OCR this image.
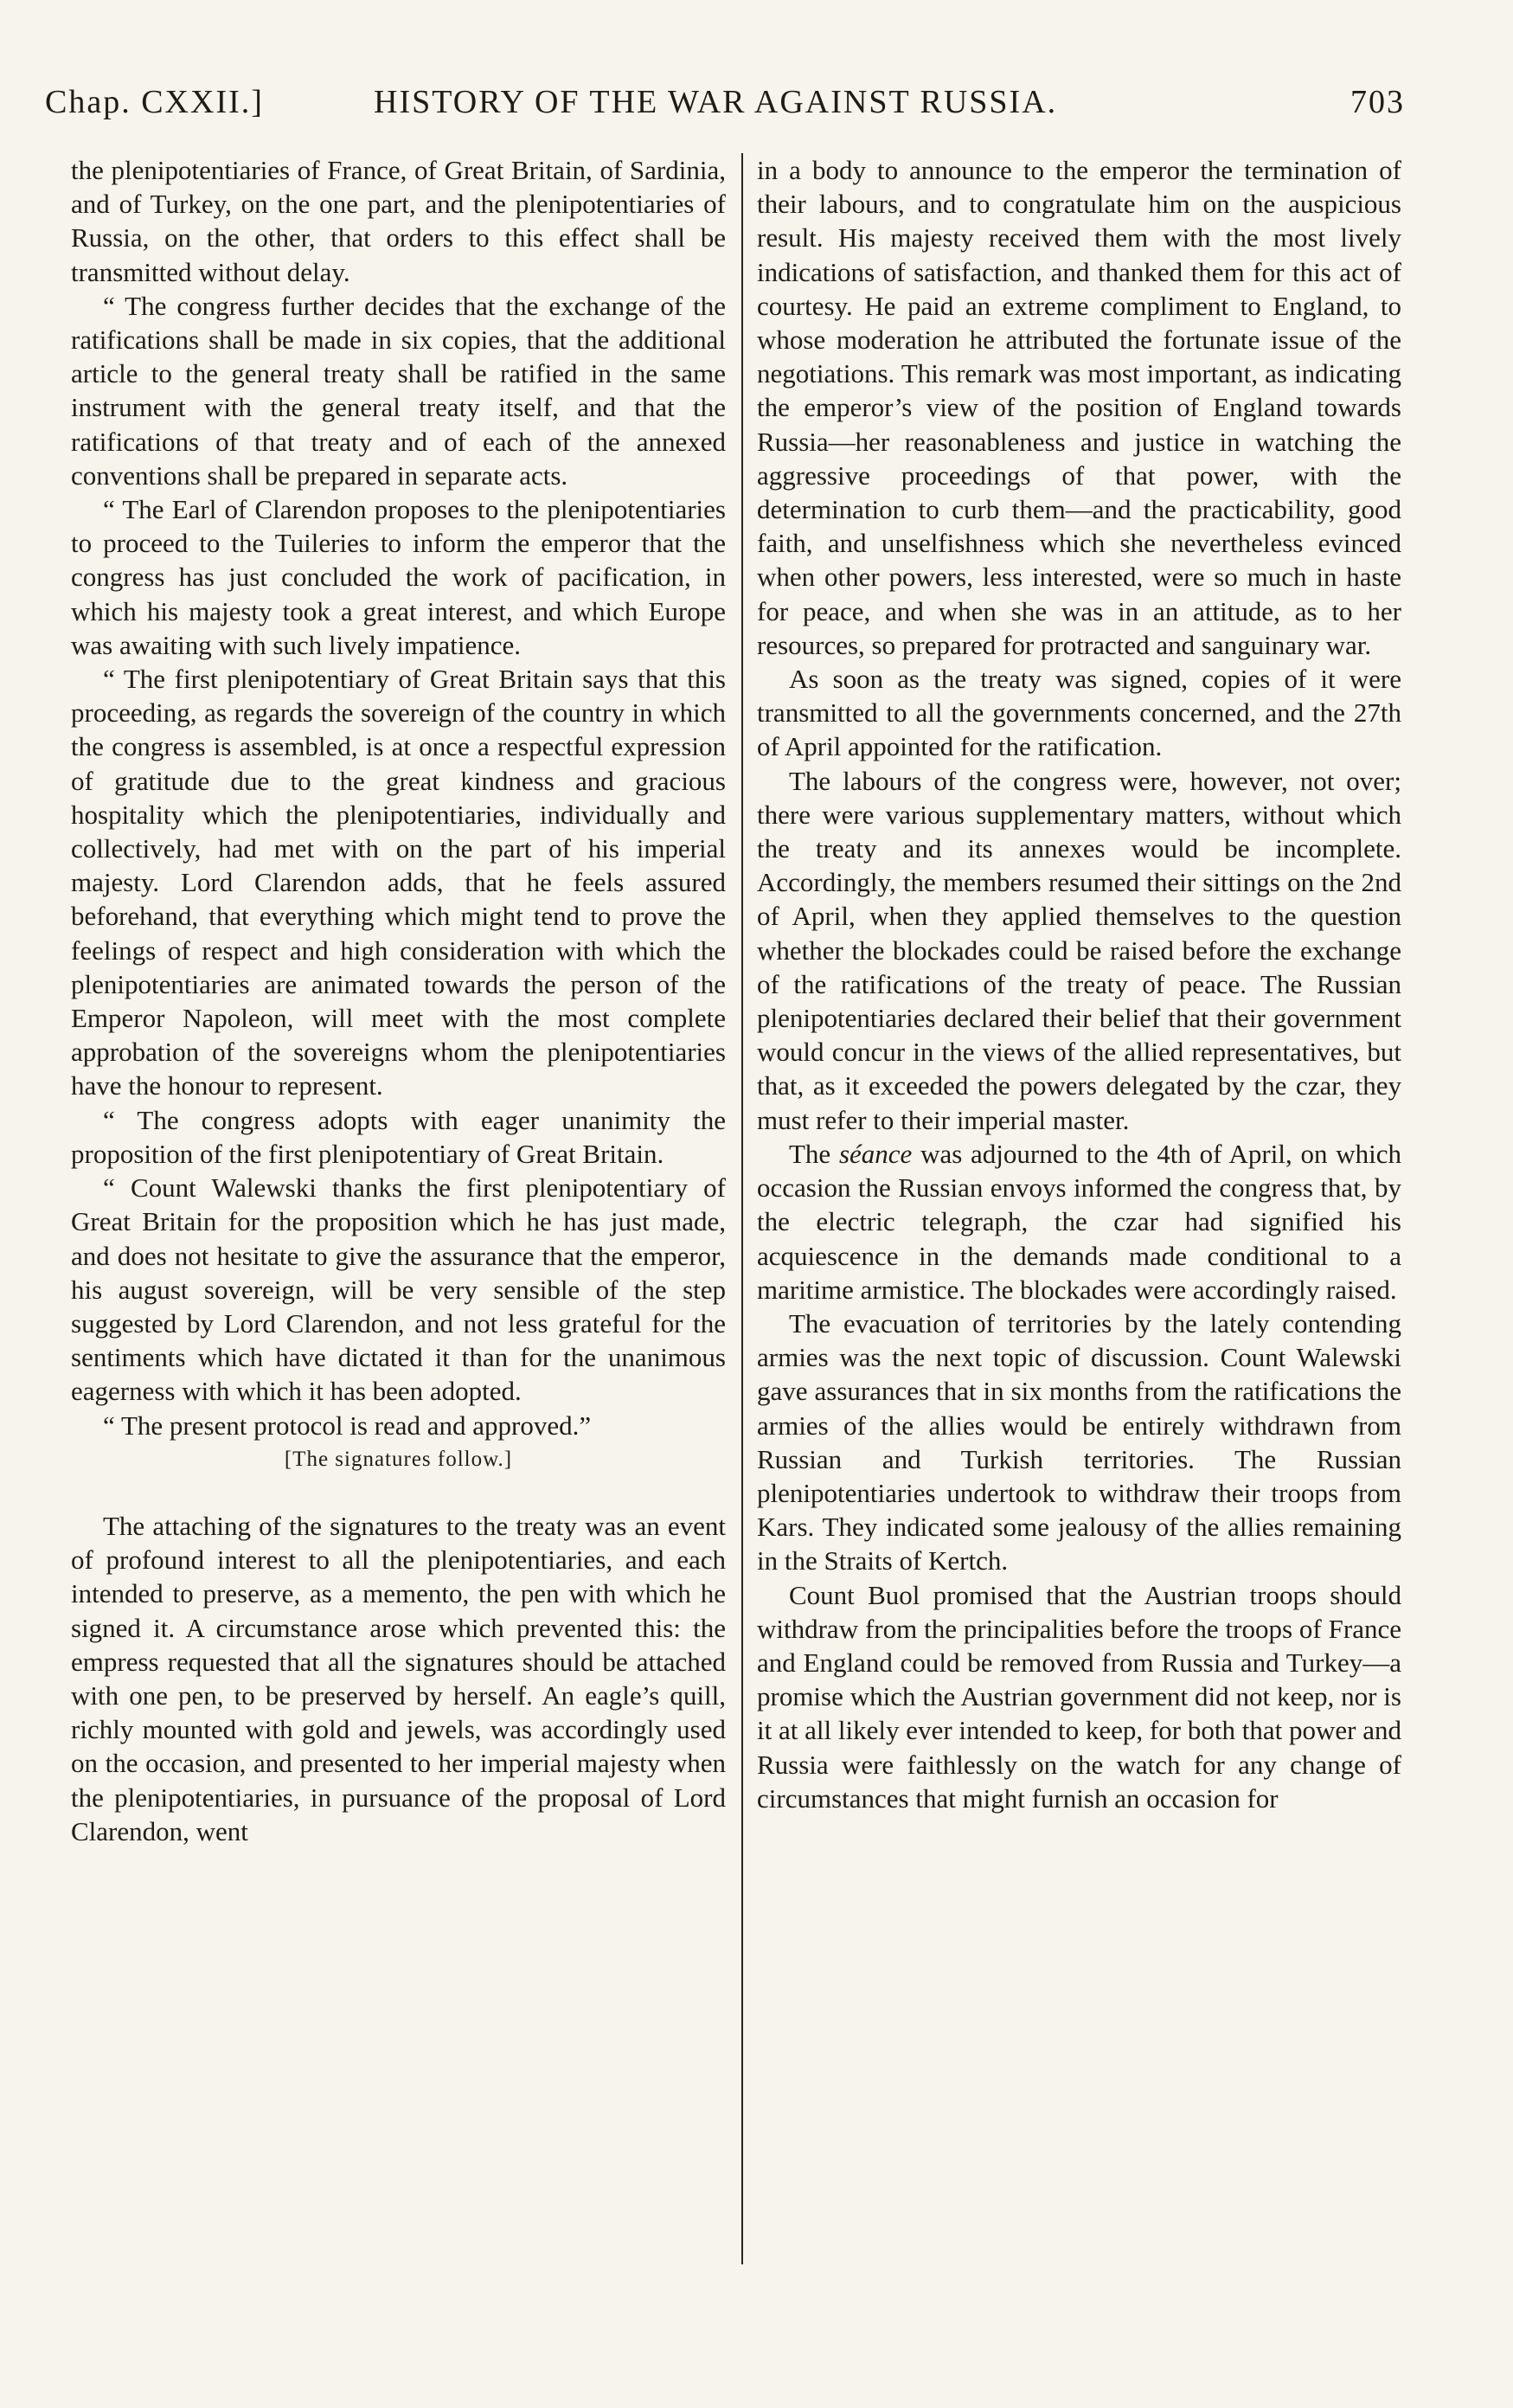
Chap. CXXII.]	HISTORY OF THE WAR AGAINST RUSSIA.	703

the plenipotentiaries of France, of Great Britain, of Sardinia, and of Turkey, on the one part, and the plenipotentiaries of Russia, on the other, that orders to this effect shall be transmitted without delay.

“ The congress further decides that the exchange of the ratifications shall be made in six copies, that the additional article to the general treaty shall be ratified in the same instrument with the general treaty itself, and that the ratifications of that treaty and of each of the annexed conventions shall be prepared in separate acts.

“ The Earl of Clarendon proposes to the plenipotentiaries to proceed to the Tuileries to inform the emperor that the congress has just concluded the work of pacification, in which his majesty took a great interest, and which Europe was awaiting with such lively impatience.

“ The first plenipotentiary of Great Britain says that this proceeding, as regards the sovereign of the country in which the congress is assembled, is at once a respectful expression of gratitude due to the great kindness and gracious hospitality which the plenipotentiaries, individually and collectively, had met with on the part of his imperial majesty. Lord Clarendon adds, that he feels assured beforehand, that everything which might tend to prove the feelings of respect and high consideration with which the plenipotentiaries are animated towards the person of the Emperor Napoleon, will meet with the most complete approbation of the sovereigns whom the plenipotentiaries have the honour to represent.

“ The congress adopts with eager unanimity the proposition of the first plenipotentiary of Great Britain.

“ Count Walewski thanks the first plenipotentiary of Great Britain for the proposition which he has just made, and does not hesitate to give the assurance that the emperor, his august sovereign, will be very sensible of the step suggested by Lord Clarendon, and not less grateful for the sentiments which have dictated it than for the unanimous eagerness with which it has been adopted.

“ The present protocol is read and approved.”

[The signatures follow.]

The attaching of the signatures to the treaty was an event of profound interest to all the plenipotentiaries, and each intended to preserve, as a memento, the pen with which he signed it. A circumstance arose which prevented this: the empress requested that all the signatures should be attached with one pen, to be preserved by herself. An eagle’s quill, richly mounted with gold and jewels, was accordingly used on the occasion, and presented to her imperial majesty when the plenipotentiaries, in pursuance of the proposal of Lord Clarendon, went

in a body to announce to the emperor the termination of their labours, and to congratulate him on the auspicious result. His majesty received them with the most lively indications of satisfaction, and thanked them for this act of courtesy. He paid an extreme compliment to England, to whose moderation he attributed the fortunate issue of the negotiations. This remark was most important, as indicating the emperor’s view of the position of England towards Russia—her reasonableness and justice in watching the aggressive proceedings of that power, with the determination to curb them—and the practicability, good faith, and unselfishness which she nevertheless evinced when other powers, less interested, were so much in haste for peace, and when she was in an attitude, as to her resources, so prepared for protracted and sanguinary war.

As soon as the treaty was signed, copies of it were transmitted to all the governments concerned, and the 27th of April appointed for the ratification.

The labours of the congress were, however, not over; there were various supplementary matters, without which the treaty and its annexes would be incomplete. Accordingly, the members resumed their sittings on the 2nd of April, when they applied themselves to the question whether the blockades could be raised before the exchange of the ratifications of the treaty of peace. The Russian plenipotentiaries declared their belief that their government would concur in the views of the allied representatives, but that, as it exceeded the powers delegated by the czar, they must refer to their imperial master.

The séance was adjourned to the 4th of April, on which occasion the Russian envoys informed the congress that, by the electric telegraph, the czar had signified his acquiescence in the demands made conditional to a maritime armistice. The blockades were accordingly raised.

The evacuation of territories by the lately contending armies was the next topic of discussion. Count Walewski gave assurances that in six months from the ratifications the armies of the allies would be entirely withdrawn from Russian and Turkish territories. The Russian plenipotentiaries undertook to withdraw their troops from Kars. They indicated some jealousy of the allies remaining in the Straits of Kertch.

Count Buol promised that the Austrian troops should withdraw from the principalities before the troops of France and England could be removed from Russia and Turkey—a promise which the Austrian government did not keep, nor is it at all likely ever intended to keep, for both that power and Russia were faithlessly on the watch for any change of circumstances that might furnish an occasion for
